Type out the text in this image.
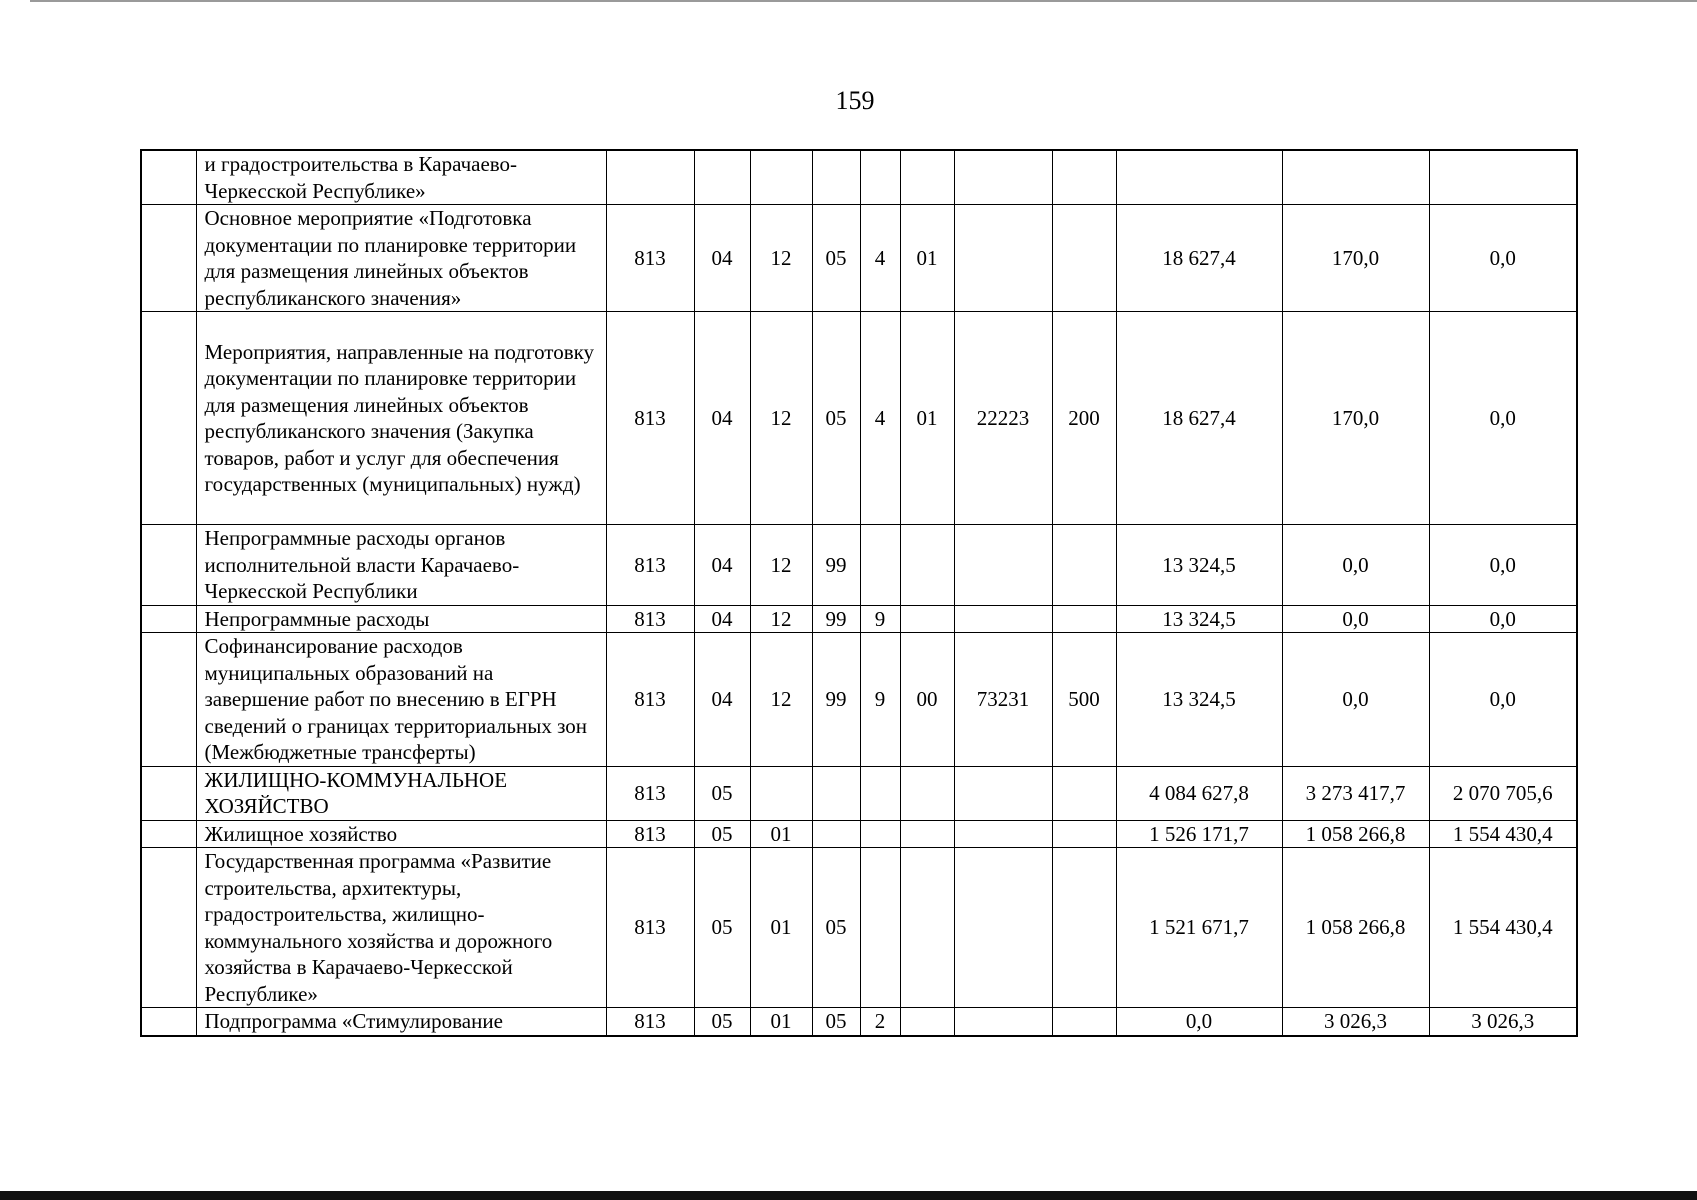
159
	и градостроительства в Карачаево-Черкесской Республике»											
	Основное мероприятие «Подготовка документации по планировке территории для размещения линейных объектов республиканского значения»	813	04	12	05	4	01			18 627,4	170,0	0,0
	Мероприятия, направленные на подготовку документации по планировке территории для размещения линейных объектов республиканского значения (Закупка товаров, работ и услуг для обеспечения государственных (муниципальных) нужд)	813	04	12	05	4	01	22223	200	18 627,4	170,0	0,0
	Непрограммные расходы органов исполнительной власти Карачаево-Черкесской Республики	813	04	12	99					13 324,5	0,0	0,0
	Непрограммные расходы	813	04	12	99	9				13 324,5	0,0	0,0
	Софинансирование расходов муниципальных образований на завершение работ по внесению в ЕГРН сведений о границах территориальных зон (Межбюджетные трансферты)	813	04	12	99	9	00	73231	500	13 324,5	0,0	0,0
	ЖИЛИЩНО-КОММУНАЛЬНОЕ ХОЗЯЙСТВО	813	05							4 084 627,8	3 273 417,7	2 070 705,6
	Жилищное хозяйство	813	05	01						1 526 171,7	1 058 266,8	1 554 430,4
	Государственная программа «Развитие строительства, архитектуры, градостроительства, жилищно-коммунального хозяйства и дорожного хозяйства в Карачаево-Черкесской Республике»	813	05	01	05					1 521 671,7	1 058 266,8	1 554 430,4
	Подпрограмма «Стимулирование	813	05	01	05	2				0,0	3 026,3	3 026,3
